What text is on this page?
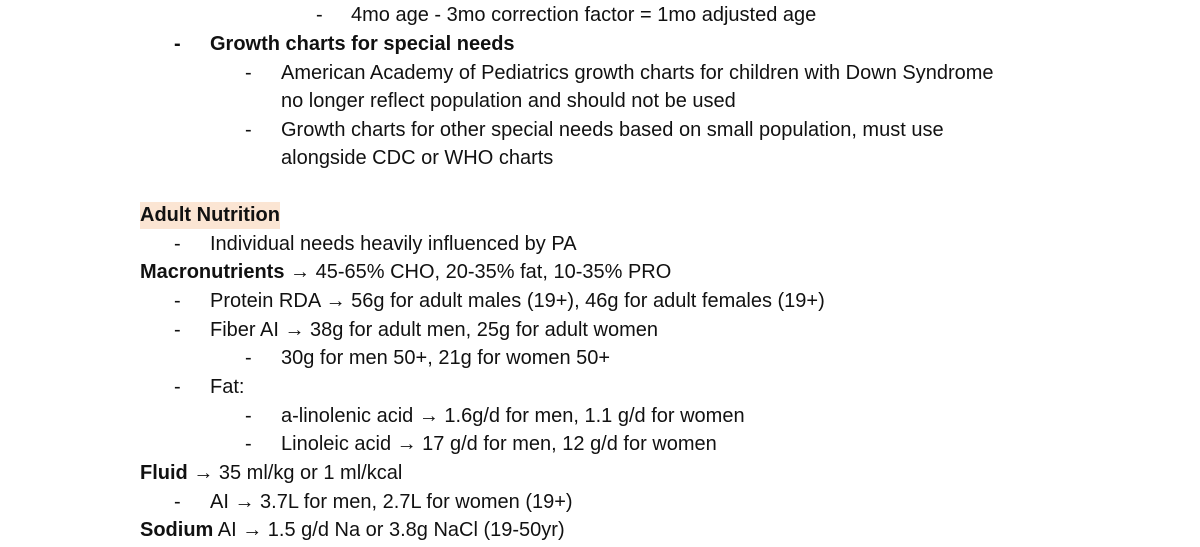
- 4mo age - 3mo correction factor = 1mo adjusted age
- Growth charts for special needs
- American Academy of Pediatrics growth charts for children with Down Syndrome
no longer reflect population and should not be used
- Growth charts for other special needs based on small population, must use
alongside CDC or WHO charts
Adult Nutrition
- Individual needs heavily influenced by PA
Macronutrients → 45-65% CHO, 20-35% fat, 10-35% PRO
- Protein RDA → 56g for adult males (19+), 46g for adult females (19+)
- Fiber AI → 38g for adult men, 25g for adult women
- 30g for men 50+, 21g for women 50+
- Fat:
- a-linolenic acid → 1.6g/d for men, 1.1 g/d for women
- Linoleic acid → 17 g/d for men, 12 g/d for women
Fluid → 35 ml/kg or 1 ml/kcal
- AI → 3.7L for men, 2.7L for women (19+)
Sodium AI → 1.5 g/d Na or 3.8g NaCl (19-50yr)
